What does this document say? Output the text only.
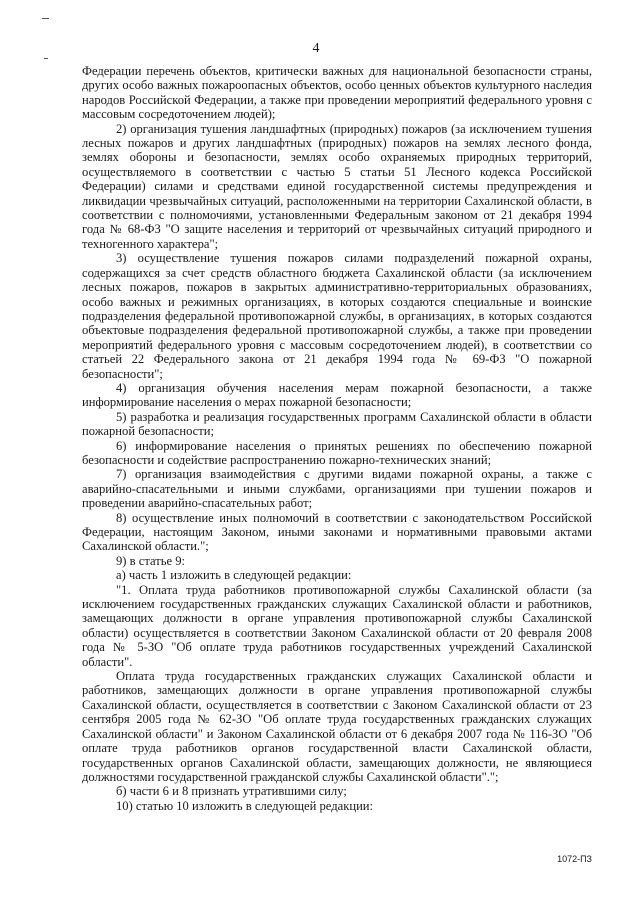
4

Федерации перечень объектов, критически важных для национальной безопасности страны, других особо важных пожароопасных объектов, особо ценных объектов культурного наследия народов Российской Федерации, а также при проведении мероприятий федерального уровня с массовым сосредоточением людей);

2) организация тушения ландшафтных (природных) пожаров (за исключением тушения лесных пожаров и других ландшафтных (природных) пожаров на землях лесного фонда, землях обороны и безопасности, землях особо охраняемых природных территорий, осуществляемого в соответствии с частью 5 статьи 51 Лесного кодекса Российской Федерации) силами и средствами единой государственной системы предупреждения и ликвидации чрезвычайных ситуаций, расположенными на территории Сахалинской области, в соответствии с полномочиями, установленными Федеральным законом от 21 декабря 1994 года № 68-ФЗ "О защите населения и территорий от чрезвычайных ситуаций природного и техногенного характера";

3) осуществление тушения пожаров силами подразделений пожарной охраны, содержащихся за счет средств областного бюджета Сахалинской области (за исключением лесных пожаров, пожаров в закрытых административно-территориальных образованиях, особо важных и режимных организациях, в которых создаются специальные и воинские подразделения федеральной противопожарной службы, в организациях, в которых создаются объектовые подразделения федеральной противопожарной службы, а также при проведении мероприятий федерального уровня с массовым сосредоточением людей), в соответствии со статьей 22 Федерального закона от 21 декабря 1994 года № 69-ФЗ "О пожарной безопасности";

4) организация обучения населения мерам пожарной безопасности, а также информирование населения о мерах пожарной безопасности;

5) разработка и реализация государственных программ Сахалинской области в области пожарной безопасности;

6) информирование населения о принятых решениях по обеспечению пожарной безопасности и содействие распространению пожарно-технических знаний;

7) организация взаимодействия с другими видами пожарной охраны, а также с аварийно-спасательными и иными службами, организациями при тушении пожаров и проведении аварийно-спасательных работ;

8) осуществление иных полномочий в соответствии с законодательством Российской Федерации, настоящим Законом, иными законами и нормативными правовыми актами Сахалинской области.";

9) в статье 9:

а) часть 1 изложить в следующей редакции:

"1. Оплата труда работников противопожарной службы Сахалинской области (за исключением государственных гражданских служащих Сахалинской области и работников, замещающих должности в органе управления противопожарной службы Сахалинской области) осуществляется в соответствии Законом Сахалинской области от 20 февраля 2008 года № 5-ЗО "Об оплате труда работников государственных учреждений Сахалинской области".

Оплата труда государственных гражданских служащих Сахалинской области и работников, замещающих должности в органе управления противопожарной службы Сахалинской области, осуществляется в соответствии с Законом Сахалинской области от 23 сентября 2005 года № 62-ЗО "Об оплате труда государственных гражданских служащих Сахалинской области" и Законом Сахалинской области от 6 декабря 2007 года № 116-ЗО "Об оплате труда работников органов государственной власти Сахалинской области, государственных органов Сахалинской области, замещающих должности, не являющиеся должностями государственной гражданской службы Сахалинской области".";

б) части 6 и 8 признать утратившими силу;

10) статью 10 изложить в следующей редакции:

1072-ПЗ
